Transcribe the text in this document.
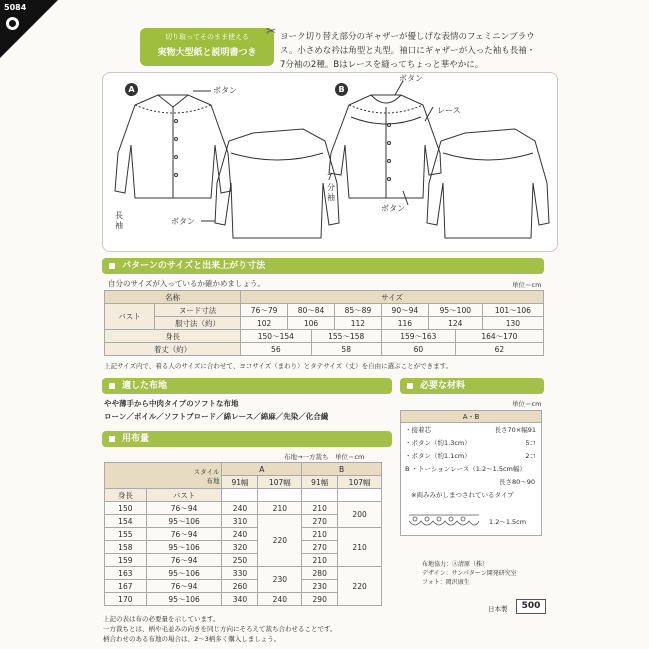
5084
切り取ってそのまま使える
実物大型紙と説明書つき
✂ ヨーク切り替え部分のギャザーが優しげな表情のフェミニンブラウ
ス。小さめな衿は角型と丸型。袖口にギャザーが入った袖も長袖・
7分袖の2種。Bはレースを縫ってちょっと華やかに。
A	B
ボタン
ボタン
長袖
ボタン
レース
7分袖
ボタン
パターンのサイズと出来上がり寸法
自分のサイズが入っているか確かめましょう。	単位＝cm
名称		サイズ							
バスト	ヌード寸法	76〜79	80〜84		85〜89	90〜94	95〜100		101〜106
	服寸法（約）	102	106		112	116	124		130
身長		150〜154		155〜158		159〜163		164〜170	
着丈（約）		56		58		60		62	
上記サイズ内で、着る人のサイズに合わせて、ヨコサイズ（まわり）とタテサイズ（丈）を自由に選ぶことができます。
適した布地
やや薄手から中肉タイプのソフトな布地
ローン／ボイル／ソフトブロード／綿レース／綿麻／先染／化合繊
用布量
布地→一方裁ち　単位＝cm
スタイル
布地		A		B	
		91幅	107幅	91幅	107幅
身長	バスト				
150	76〜94	240	210	210	200
154	95〜106	310	220	270	
155	76〜94	240		210	210
158	95〜106	320		270	
159	76〜94	250		210	
163	95〜106	330	230	280	220
167	76〜94	260		230	
170	95〜106	340	240	290	
上記の表は布の必要量を示しています。
一方裁ちとは、柄や毛並みの向きを同じ方向にそろえて裁ち合わせることです。
柄合わせのある布地の場合は、2〜3柄多く購入しましょう。
必要な材料
単位＝cm
A・B
・接着芯	長さ70×幅91
・ボタン（約1.3cm）	5コ
・ボタン（約1.1cm）	2コ
B ・トーションレース（1.2〜1.5cm幅）
長さ80〜90
※両みみがしまつされているタイプ
1.2〜1.5cm
布地協力：Ⓐ清原（株）
デザイン：サンパターン開発研究室
フォト：岡沢康生
日本製	500
